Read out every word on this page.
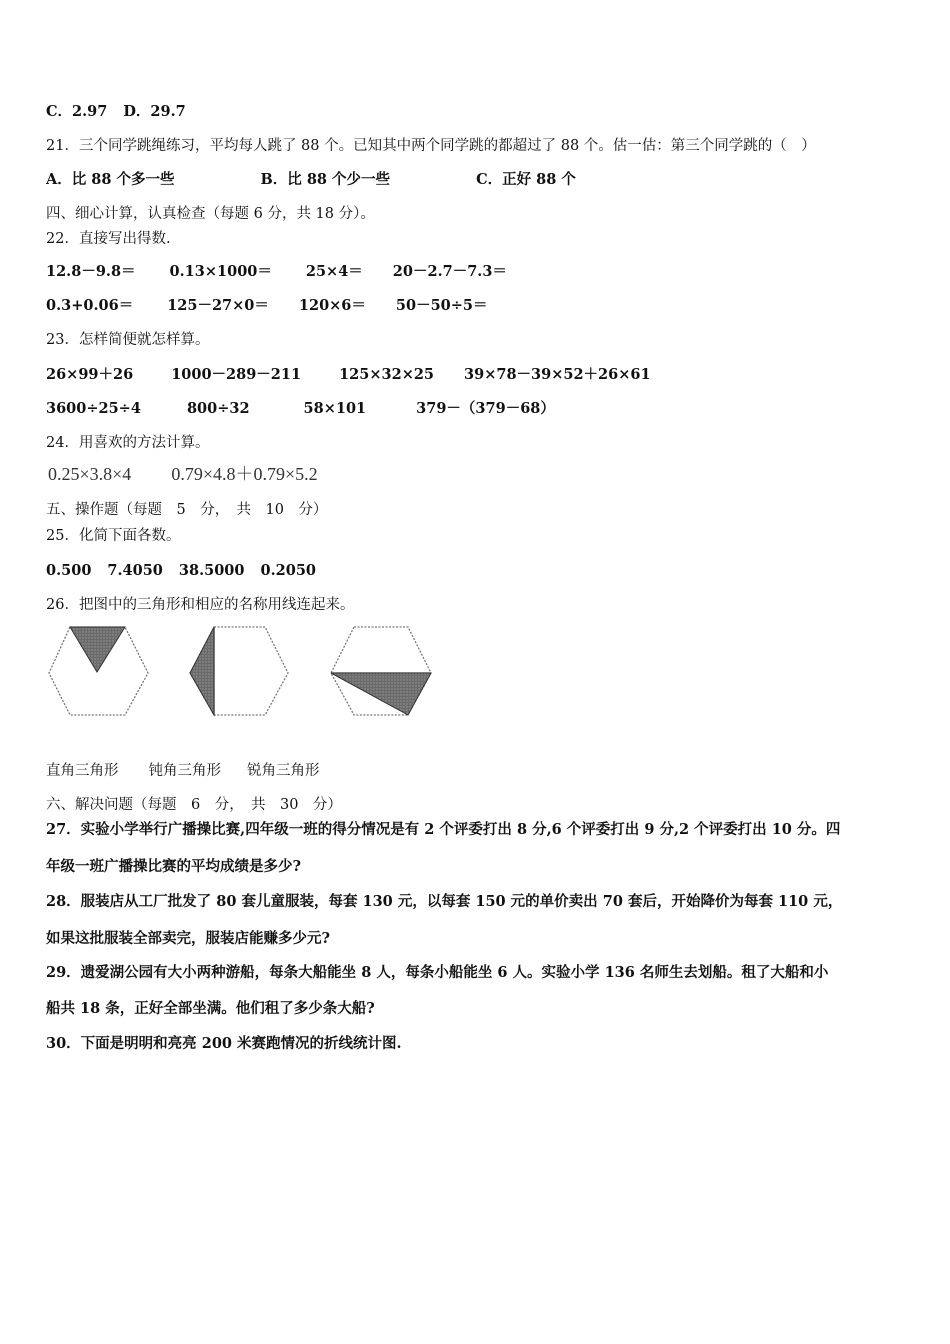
C．2.97 D．29.7
21．三个同学跳绳练习，平均每人跳了 88 个。已知其中两个同学跳的都超过了 88 个。估一估：第三个同学跳的（　）
A．比 88 个多一些	B．比 88 个少一些	C．正好 88 个
四、细心计算，认真检查（每题 6 分，共 18 分）。
22．直接写出得数.
12.8－9.8＝ 0.13×1000＝ 25×4＝ 20－2.7－7.3＝
0.3+0.06＝ 125－27×0＝ 120×6＝ 50－50÷5＝
23．怎样简便就怎样算。
26×99＋26	1000－289－211	125×32×25 39×78－39×52＋26×61
3600÷25÷4	800÷32	58×101	379－（379－68）
24．用喜欢的方法计算。
0.25×3.8×4 0.79×4.8＋0.79×5.2
五、操作题（每题　5　分，　共　10　分）
25．化简下面各数。
0.500 7.4050 38.5000 0.2050
26．把图中的三角形和相应的名称用线连起来。
直角三角形 钝角三角形 锐角三角形
六、解决问题（每题　6　分，　共　30　分）
27．实验小学举行广播操比赛,四年级一班的得分情况是有 2 个评委打出 8 分,6 个评委打出 9 分,2 个评委打出 10 分。四
年级一班广播操比赛的平均成绩是多少?
28．服装店从工厂批发了 80 套儿童服装，每套 130 元，以每套 150 元的单价卖出 70 套后，开始降价为每套 110 元，
如果这批服装全部卖完，服装店能赚多少元?
29．遗爱湖公园有大小两种游船，每条大船能坐 8 人，每条小船能坐 6 人。实验小学 136 名师生去划船。租了大船和小
船共 18 条，正好全部坐满。他们租了多少条大船?
30．下面是明明和亮亮 200 米赛跑情况的折线统计图.
